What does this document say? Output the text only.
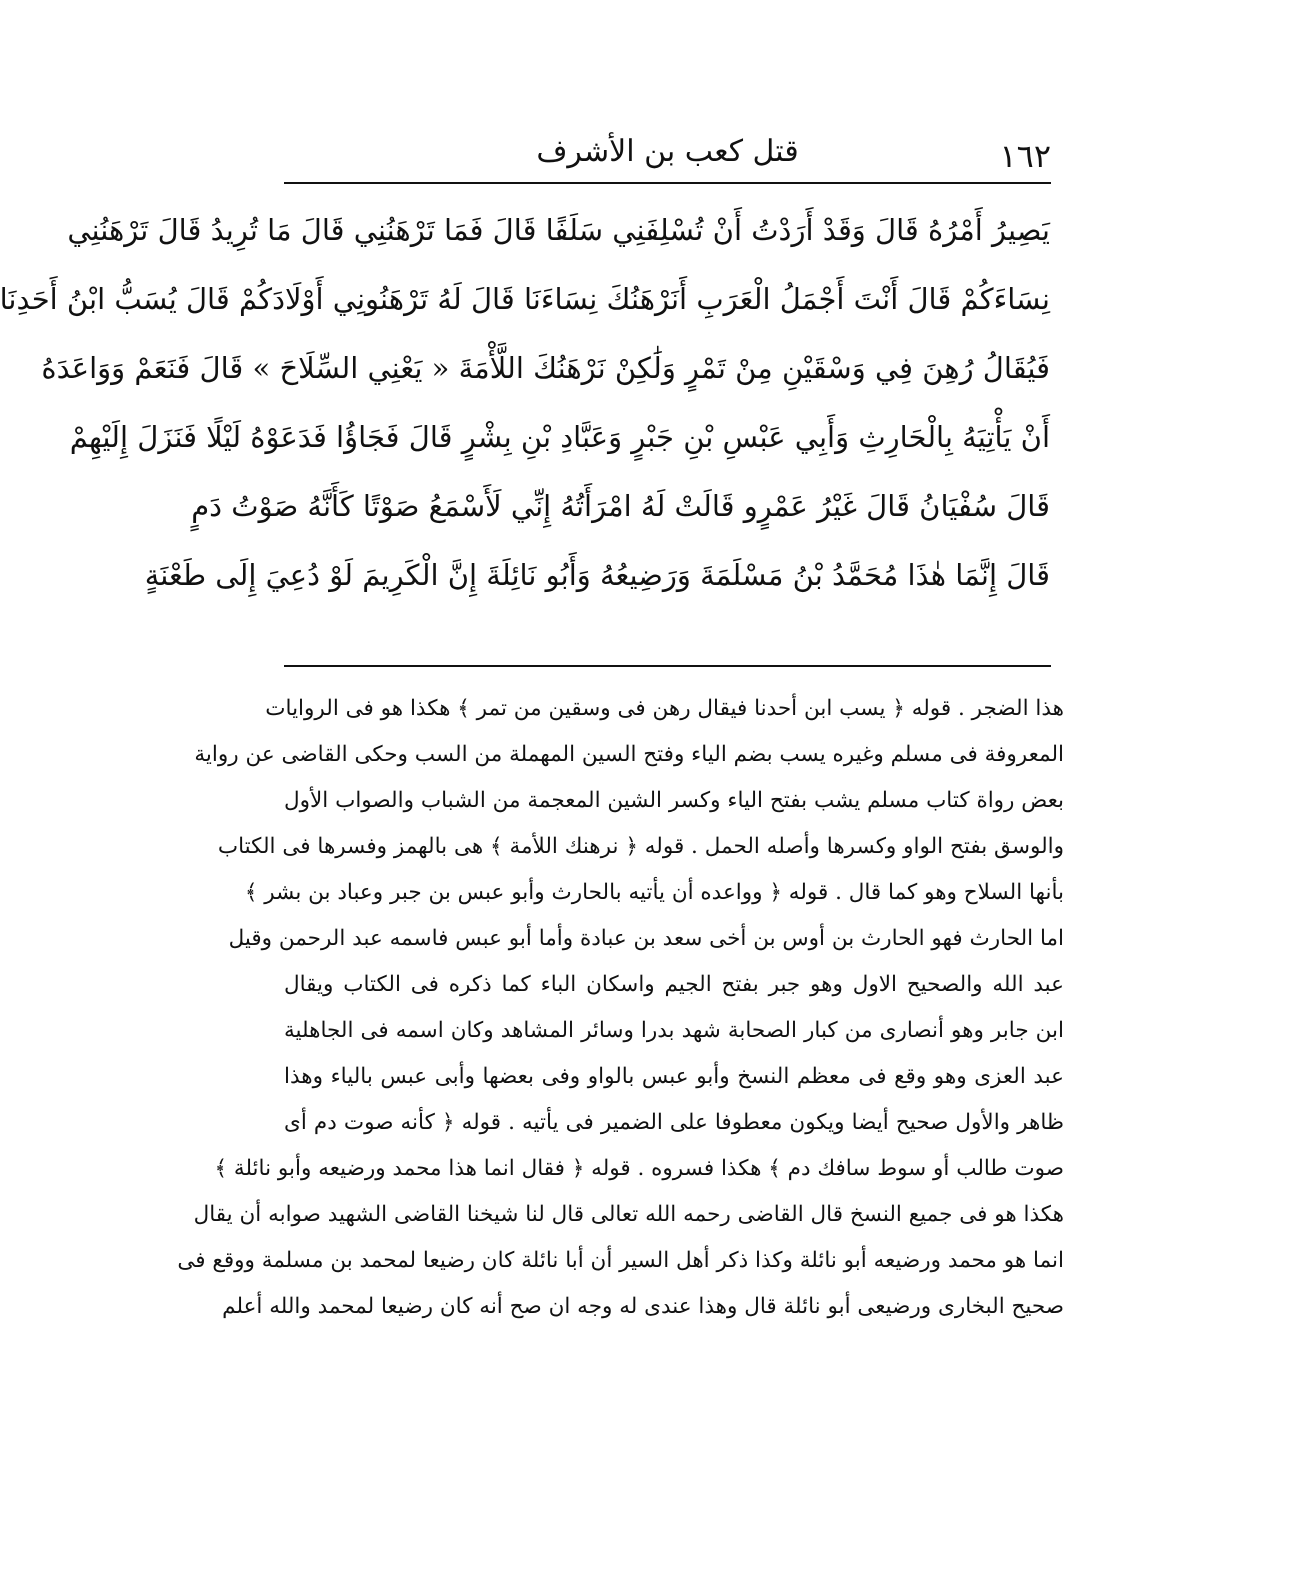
١٦٢
قتل كعب بن الأشرف
يَصِيرُ أَمْرُهُ قَالَ وَقَدْ أَرَدْتُ أَنْ تُسْلِفَنِي سَلَفًا قَالَ فَمَا تَرْهَنُنِي قَالَ مَا تُرِيدُ قَالَ تَرْهَنُنِي
نِسَاءَكُمْ قَالَ أَنْتَ أَجْمَلُ الْعَرَبِ أَنَرْهَنُكَ نِسَاءَنَا قَالَ لَهُ تَرْهَنُونِي أَوْلَادَكُمْ قَالَ يُسَبُّ ابْنُ أَحَدِنَا
فَيُقَالُ رُهِنَ فِي وَسْقَيْنِ مِنْ تَمْرٍ وَلَٰكِنْ نَرْهَنُكَ اللَّأْمَةَ « يَعْنِي السِّلَاحَ » قَالَ فَنَعَمْ وَوَاعَدَهُ
أَنْ يَأْتِيَهُ بِالْحَارِثِ وَأَبِي عَبْسِ بْنِ جَبْرٍ وَعَبَّادِ بْنِ بِشْرٍ قَالَ فَجَاؤُا فَدَعَوْهُ لَيْلًا فَنَزَلَ إِلَيْهِمْ
قَالَ سُفْيَانُ قَالَ غَيْرُ عَمْرٍو قَالَتْ لَهُ امْرَأَتُهُ إِنِّي لَأَسْمَعُ صَوْتًا كَأَنَّهُ صَوْتُ دَمٍ
قَالَ إِنَّمَا هٰذَا مُحَمَّدُ بْنُ مَسْلَمَةَ وَرَضِيعُهُ وَأَبُو نَائِلَةَ إِنَّ الْكَرِيمَ لَوْ دُعِيَ إِلَى طَعْنَةٍ
هذا الضجر . قوله ﴿ يسب ابن أحدنا فيقال رهن فى وسقين من تمر ﴾ هكذا هو فى الروايات
المعروفة فى مسلم وغيره يسب بضم الياء وفتح السين المهملة من السب وحكى القاضى عن رواية
بعض رواة كتاب مسلم يشب بفتح الياء وكسر الشين المعجمة من الشباب والصواب الأول
والوسق بفتح الواو وكسرها وأصله الحمل . قوله ﴿ نرهنك اللأمة ﴾ هى بالهمز وفسرها فى الكتاب
بأنها السلاح وهو كما قال . قوله ﴿ وواعده أن يأتيه بالحارث وأبو عبس بن جبر وعباد بن بشر ﴾
اما الحارث فهو الحارث بن أوس بن أخى سعد بن عبادة وأما أبو عبس فاسمه عبد الرحمن وقيل
عبد الله والصحيح الاول وهو جبر بفتح الجيم واسكان الباء كما ذكره فى الكتاب ويقال
ابن جابر وهو أنصارى من كبار الصحابة شهد بدرا وسائر المشاهد وكان اسمه فى الجاهلية
عبد العزى وهو وقع فى معظم النسخ وأبو عبس بالواو وفى بعضها وأبى عبس بالياء وهذا
ظاهر والأول صحيح أيضا ويكون معطوفا على الضمير فى يأتيه . قوله ﴿ كأنه صوت دم أى
صوت طالب أو سوط سافك دم ﴾ هكذا فسروه . قوله ﴿ فقال انما هذا محمد ورضيعه وأبو نائلة ﴾
هكذا هو فى جميع النسخ قال القاضى رحمه الله تعالى قال لنا شيخنا القاضى الشهيد صوابه أن يقال
انما هو محمد ورضيعه أبو نائلة وكذا ذكر أهل السير أن أبا نائلة كان رضيعا لمحمد بن مسلمة ووقع فى
صحيح البخارى ورضيعى أبو نائلة قال وهذا عندى له وجه ان صح أنه كان رضيعا لمحمد والله أعلم
